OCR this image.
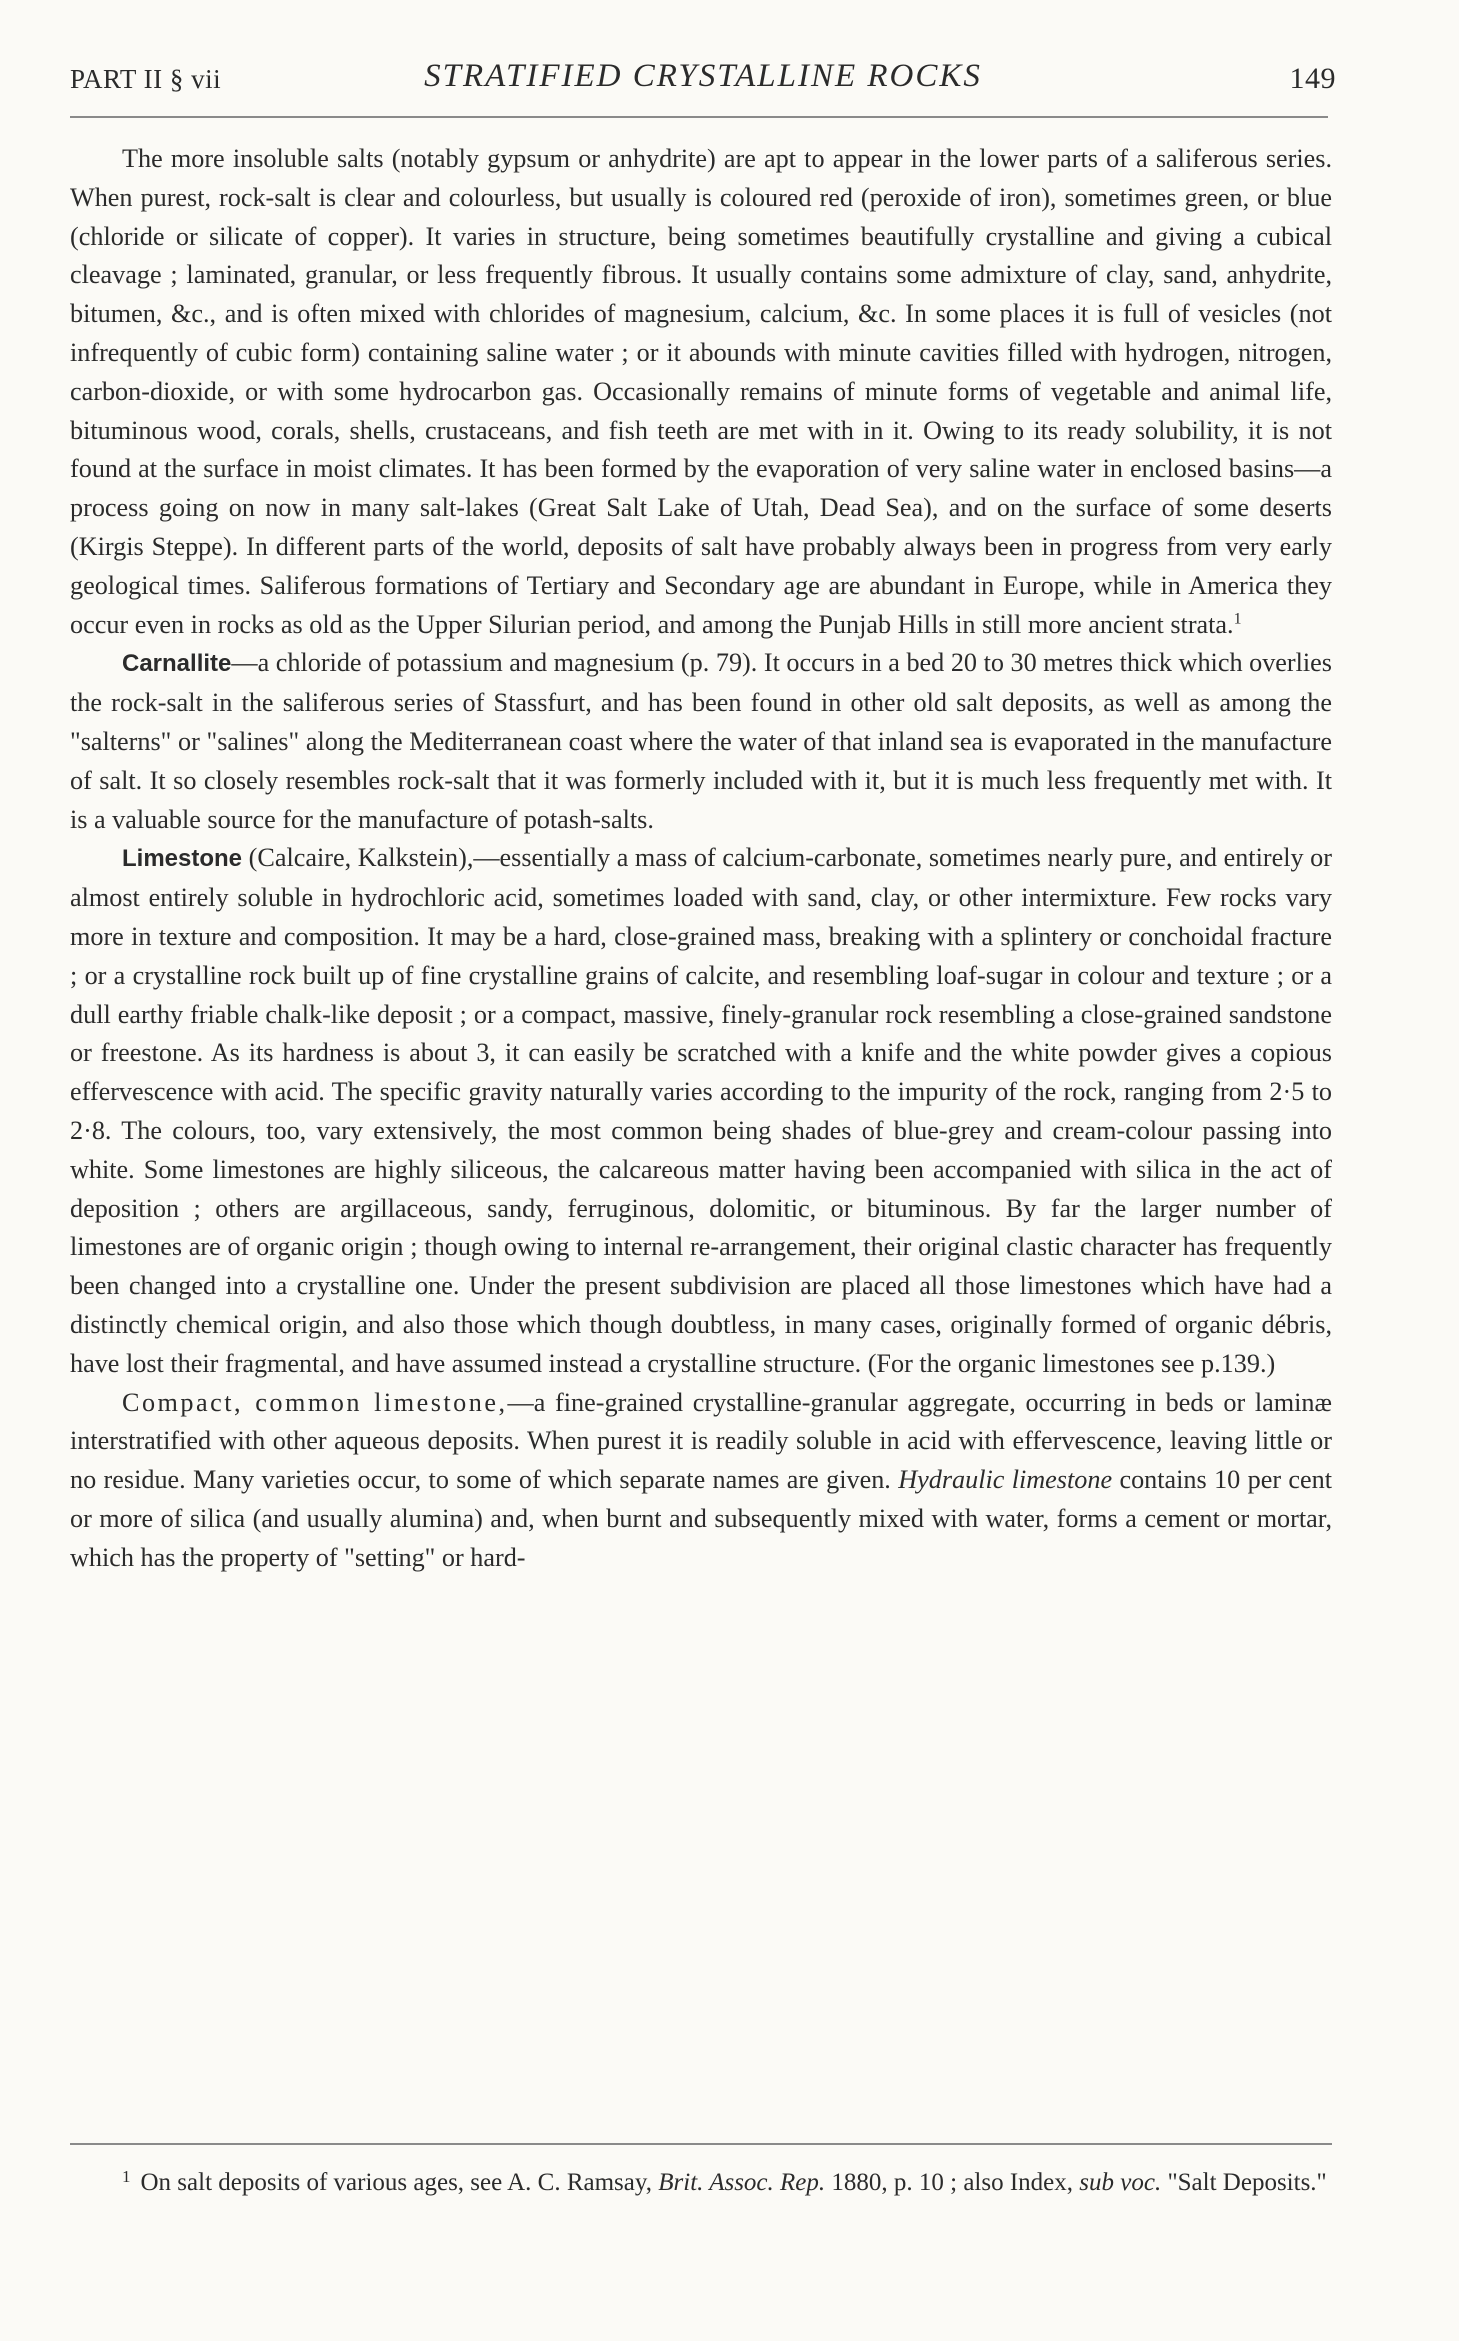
PART II § vii	STRATIFIED CRYSTALLINE ROCKS	149

The more insoluble salts (notably gypsum or anhydrite) are apt to appear in the lower parts of a saliferous series. When purest, rock-salt is clear and colourless, but usually is coloured red (peroxide of iron), sometimes green, or blue (chloride or silicate of copper). It varies in structure, being sometimes beautifully crystalline and giving a cubical cleavage ; laminated, granular, or less frequently fibrous. It usually contains some admixture of clay, sand, anhydrite, bitumen, &c., and is often mixed with chlorides of magnesium, calcium, &c. In some places it is full of vesicles (not infrequently of cubic form) containing saline water ; or it abounds with minute cavities filled with hydrogen, nitrogen, carbon-dioxide, or with some hydrocarbon gas. Occasionally remains of minute forms of vegetable and animal life, bituminous wood, corals, shells, crustaceans, and fish teeth are met with in it. Owing to its ready solubility, it is not found at the surface in moist climates. It has been formed by the evaporation of very saline water in enclosed basins—a process going on now in many salt-lakes (Great Salt Lake of Utah, Dead Sea), and on the surface of some deserts (Kirgis Steppe). In different parts of the world, deposits of salt have probably always been in progress from very early geological times. Saliferous formations of Tertiary and Secondary age are abundant in Europe, while in America they occur even in rocks as old as the Upper Silurian period, and among the Punjab Hills in still more ancient strata.$^1$

Carnallite—a chloride of potassium and magnesium (p. 79). It occurs in a bed 20 to 30 metres thick which overlies the rock-salt in the saliferous series of Stassfurt, and has been found in other old salt deposits, as well as among the "salterns" or "salines" along the Mediterranean coast where the water of that inland sea is evaporated in the manufacture of salt. It so closely resembles rock-salt that it was formerly included with it, but it is much less frequently met with. It is a valuable source for the manufacture of potash-salts.

Limestone (Calcaire, Kalkstein),—essentially a mass of calcium-carbonate, sometimes nearly pure, and entirely or almost entirely soluble in hydrochloric acid, sometimes loaded with sand, clay, or other intermixture. Few rocks vary more in texture and composition. It may be a hard, close-grained mass, breaking with a splintery or conchoidal fracture ; or a crystalline rock built up of fine crystalline grains of calcite, and resembling loaf-sugar in colour and texture ; or a dull earthy friable chalk-like deposit ; or a compact, massive, finely-granular rock resembling a close-grained sandstone or freestone. As its hardness is about 3, it can easily be scratched with a knife and the white powder gives a copious effervescence with acid. The specific gravity naturally varies according to the impurity of the rock, ranging from 2·5 to 2·8. The colours, too, vary extensively, the most common being shades of blue-grey and cream-colour passing into white. Some limestones are highly siliceous, the calcareous matter having been accompanied with silica in the act of deposition ; others are argillaceous, sandy, ferruginous, dolomitic, or bituminous. By far the larger number of limestones are of organic origin ; though owing to internal re-arrangement, their original clastic character has frequently been changed into a crystalline one. Under the present subdivision are placed all those limestones which have had a distinctly chemical origin, and also those which though doubtless, in many cases, originally formed of organic débris, have lost their fragmental, and have assumed instead a crystalline structure. (For the organic limestones see p.139.)

Compact, common limestone,—a fine-grained crystalline-granular aggregate, occurring in beds or laminæ interstratified with other aqueous deposits. When purest it is readily soluble in acid with effervescence, leaving little or no residue. Many varieties occur, to some of which separate names are given. Hydraulic limestone contains 10 per cent or more of silica (and usually alumina) and, when burnt and subsequently mixed with water, forms a cement or mortar, which has the property of "setting" or hard-

$^1$ On salt deposits of various ages, see A. C. Ramsay, Brit. Assoc. Rep. 1880, p. 10 ; also Index, sub voc. "Salt Deposits."
